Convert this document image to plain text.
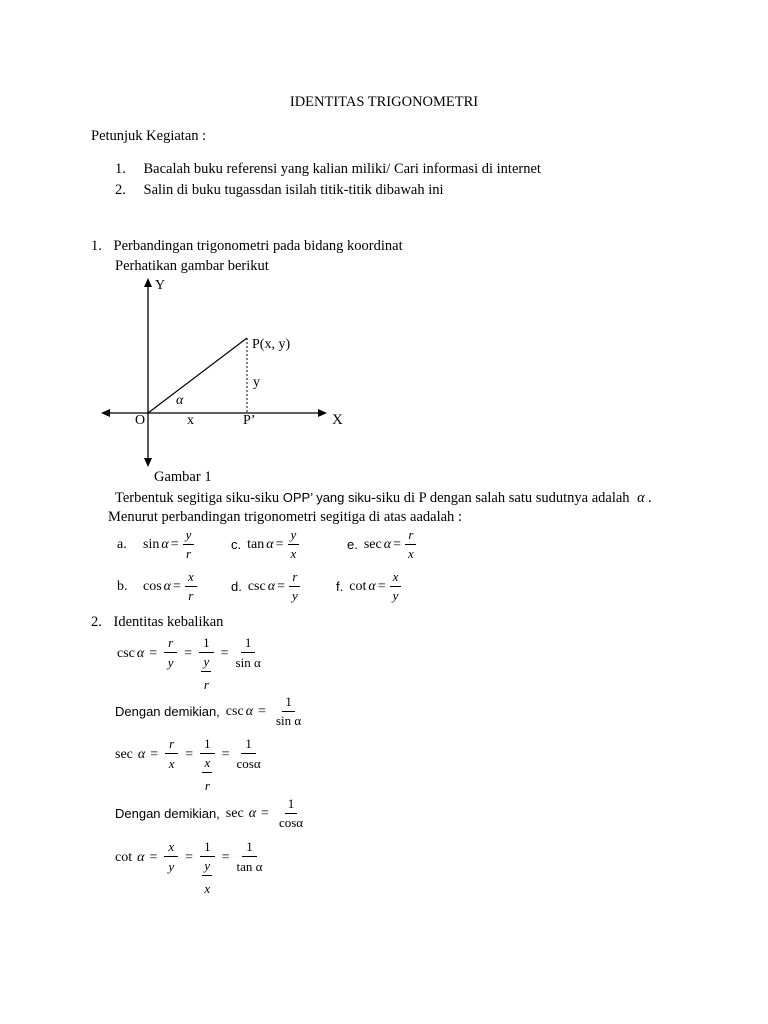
IDENTITAS TRIGONOMETRI
Petunjuk Kegiatan :
1. Bacalah buku referensi yang kalian miliki/ Cari informasi di internet
2. Salin di buku tugassdan isilah titik-titik dibawah ini
1. Perbandingan trigonometri pada bidang koordinat
Perhatikan gambar berikut
Y
X
O
P(x, y)
y
x	P’
α
Gambar 1
Terbentuk segitiga siku-siku OPP’ yang siku-siku di P dengan salah satu sudutnya adalah α .
Menurut perbandingan trigonometri segitiga di atas aadalah :
a.	$\sin \alpha = \frac{y}{r}$	c. $\tan \alpha = \frac{y}{x}$	e. $\sec \alpha = \frac{r}{x}$
b.	$\cos \alpha = \frac{x}{r}$	d. $\csc \alpha = \frac{r}{y}$	f. $\cot \alpha = \frac{x}{y}$
2. Identitas kebalikan
$\csc \alpha = \frac{r}{y} = \frac{1}{\frac{y}{r}} = \frac{1}{\text{sin α}}$
Dengan demikian, $\csc \alpha = \frac{1}{\text{sin α}}$
$\sec \alpha = \frac{r}{x} = \frac{1}{\frac{x}{r}} = \frac{1}{\cos\alpha}$
Dengan demikian, $\sec \alpha = \frac{1}{\cos\alpha}$
$\cot \alpha = \frac{x}{y} = \frac{1}{\frac{y}{x}} = \frac{1}{\text{tan α}}$
